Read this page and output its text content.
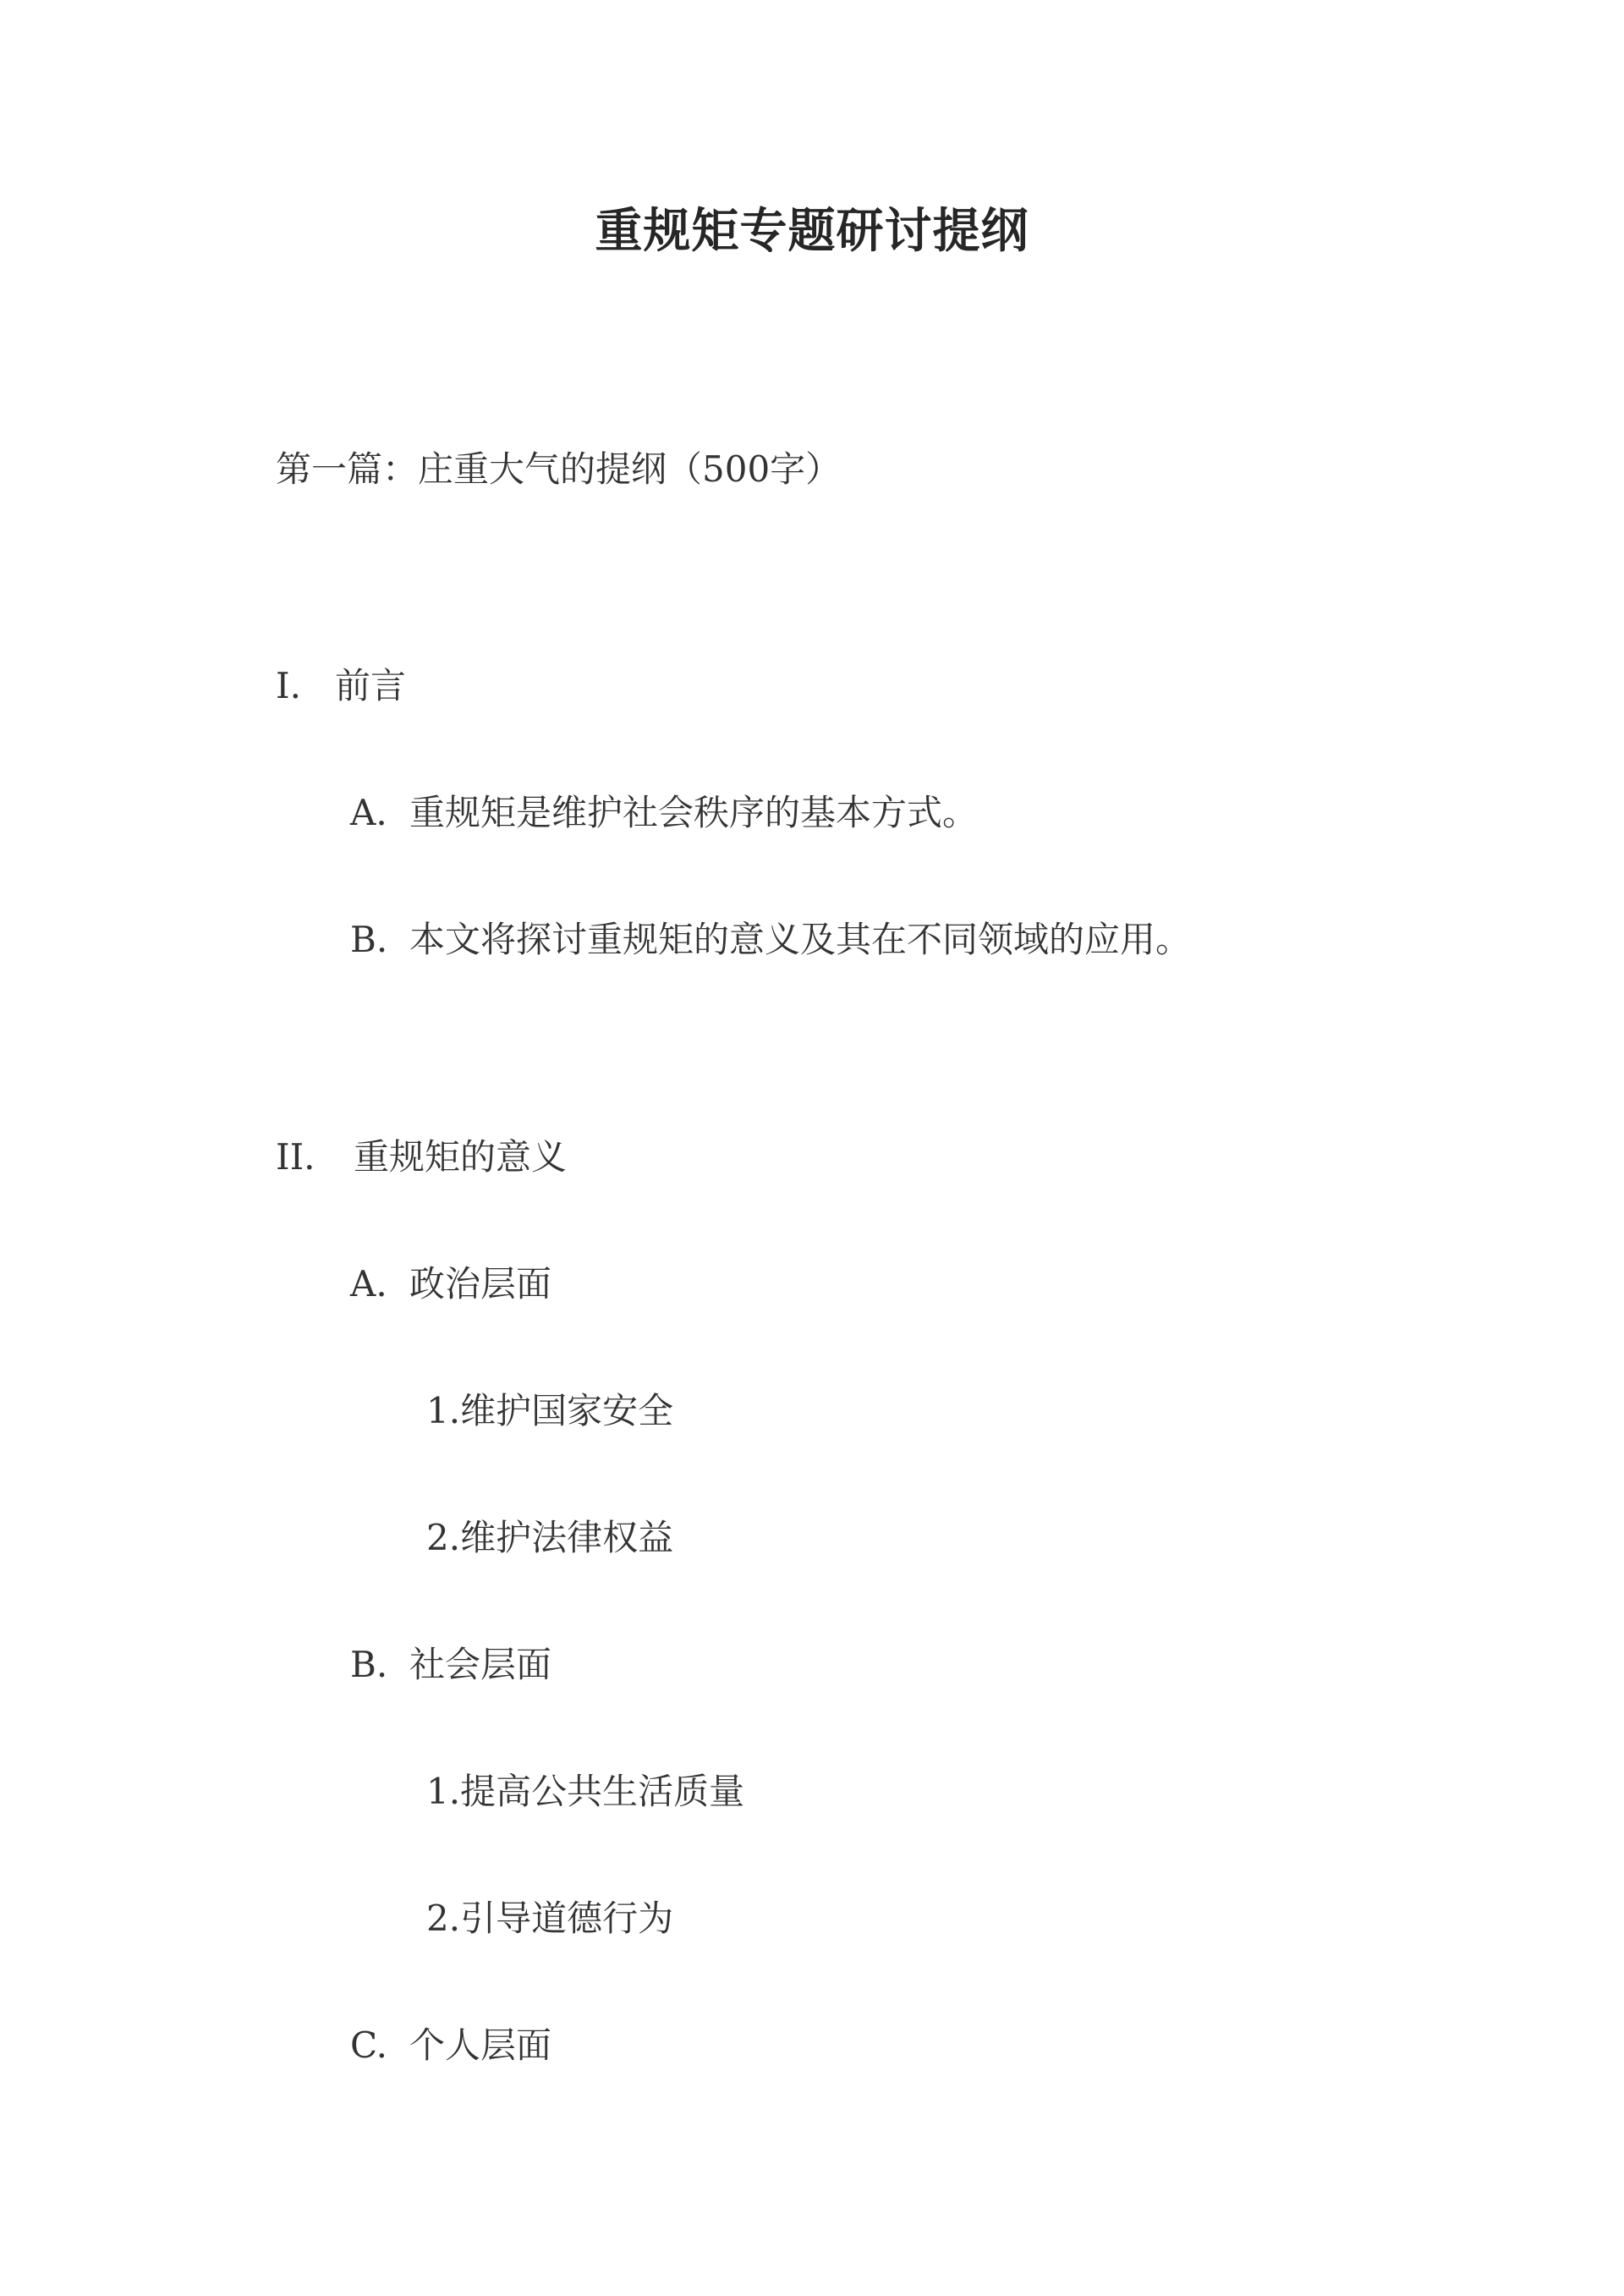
重规矩专题研讨提纲
第一篇：庄重大气的提纲（500字）
I. 前言
A. 重规矩是维护社会秩序的基本方式。
B. 本文将探讨重规矩的意义及其在不同领域的应用。
II. 重规矩的意义
A. 政治层面
1.维护国家安全
2.维护法律权益
B. 社会层面
1.提高公共生活质量
2.引导道德行为
C. 个人层面
